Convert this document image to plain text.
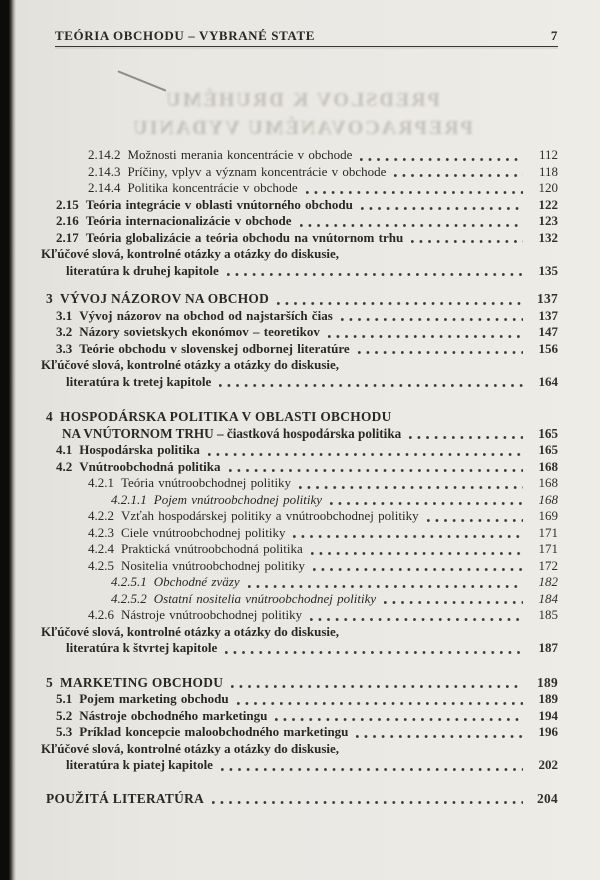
PREDSLOV K DRUHÉMU
PREPRACOVANÉMU VYDANIU
TEÓRIA OBCHODU – VYBRANÉ STATE	7
2.14.2 Možnosti merania koncentrácie v obchode	112
2.14.3 Príčiny, vplyv a význam koncentrácie v obchode	118
2.14.4 Politika koncentrácie v obchode	120
2.15 Teória integrácie v oblasti vnútorného obchodu	122
2.16 Teória internacionalizácie v obchode	123
2.17 Teória globalizácie a teória obchodu na vnútornom trhu	132
Kľúčové slová, kontrolné otázky a otázky do diskusie,
literatúra k druhej kapitole	135
3 VÝVOJ NÁZOROV NA OBCHOD	137
3.1 Vývoj názorov na obchod od najstarších čias	137
3.2 Názory sovietskych ekonómov – teoretikov	147
3.3 Teórie obchodu v slovenskej odbornej literatúre	156
Kľúčové slová, kontrolné otázky a otázky do diskusie,
literatúra k tretej kapitole	164
4 HOSPODÁRSKA POLITIKA V OBLASTI OBCHODU
NA VNÚTORNOM TRHU – čiastková hospodárska politika	165
4.1 Hospodárska politika	165
4.2 Vnútroobchodná politika	168
4.2.1 Teória vnútroobchodnej politiky	168
4.2.1.1 Pojem vnútroobchodnej politiky	168
4.2.2 Vzťah hospodárskej politiky a vnútroobchodnej politiky	169
4.2.3 Ciele vnútroobchodnej politiky	171
4.2.4 Praktická vnútroobchodná politika	171
4.2.5 Nositelia vnútroobchodnej politiky	172
4.2.5.1 Obchodné zväzy	182
4.2.5.2 Ostatní nositelia vnútroobchodnej politiky	184
4.2.6 Nástroje vnútroobchodnej politiky	185
Kľúčové slová, kontrolné otázky a otázky do diskusie,
literatúra k štvrtej kapitole	187
5 MARKETING OBCHODU	189
5.1 Pojem marketing obchodu	189
5.2 Nástroje obchodného marketingu	194
5.3 Príklad koncepcie maloobchodného marketingu	196
Kľúčové slová, kontrolné otázky a otázky do diskusie,
literatúra k piatej kapitole	202
POUŽITÁ LITERATÚRA	204
